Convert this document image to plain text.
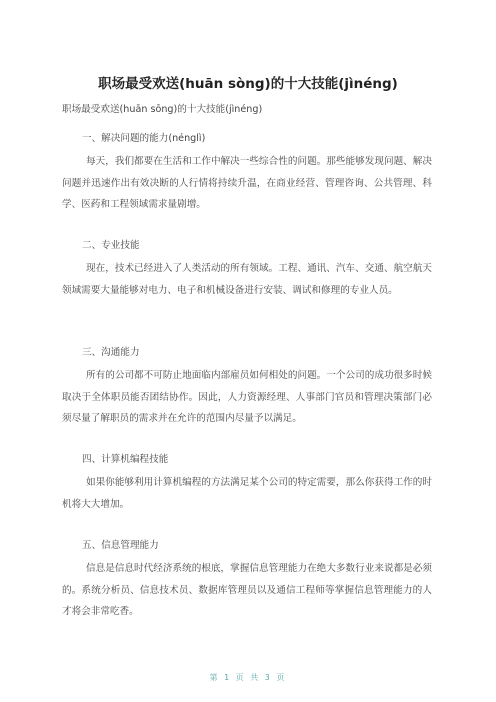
职场最受欢送(huān sòng)的十大技能(jìnéng)
职场最受欢送(huān sōng)的十大技能(jìnéng)
一、解决问题的能力(nénglì)

每天，我们都要在生活和工作中解决一些综合性的问题。那些能够发现问题、解决问题并迅速作出有效决断的人行情将持续升温，在商业经营、管理咨询、公共管理、科学、医药和工程领域需求量剧增。

二、专业技能

现在，技术已经进入了人类活动的所有领域。工程、通讯、汽车、交通、航空航天领域需要大量能够对电力、电子和机械设备进行安装、调试和修理的专业人员。

三、沟通能力

所有的公司都不可防止地面临内部雇员如何相处的问题。一个公司的成功很多时候取决于全体职员能否团结协作。因此，人力资源经理、人事部门官员和管理决策部门必须尽量了解职员的需求并在允许的范围内尽量予以满足。

四、计算机编程技能

如果你能够利用计算机编程的方法满足某个公司的特定需要，那么你获得工作的时机将大大增加。

五、信息管理能力

信息是信息时代经济系统的根底，掌握信息管理能力在绝大多数行业来说都是必须的。系统分析员、信息技术员、数据库管理员以及通信工程师等掌握信息管理能力的人才将会非常吃香。

第 1 页 共 3 页
